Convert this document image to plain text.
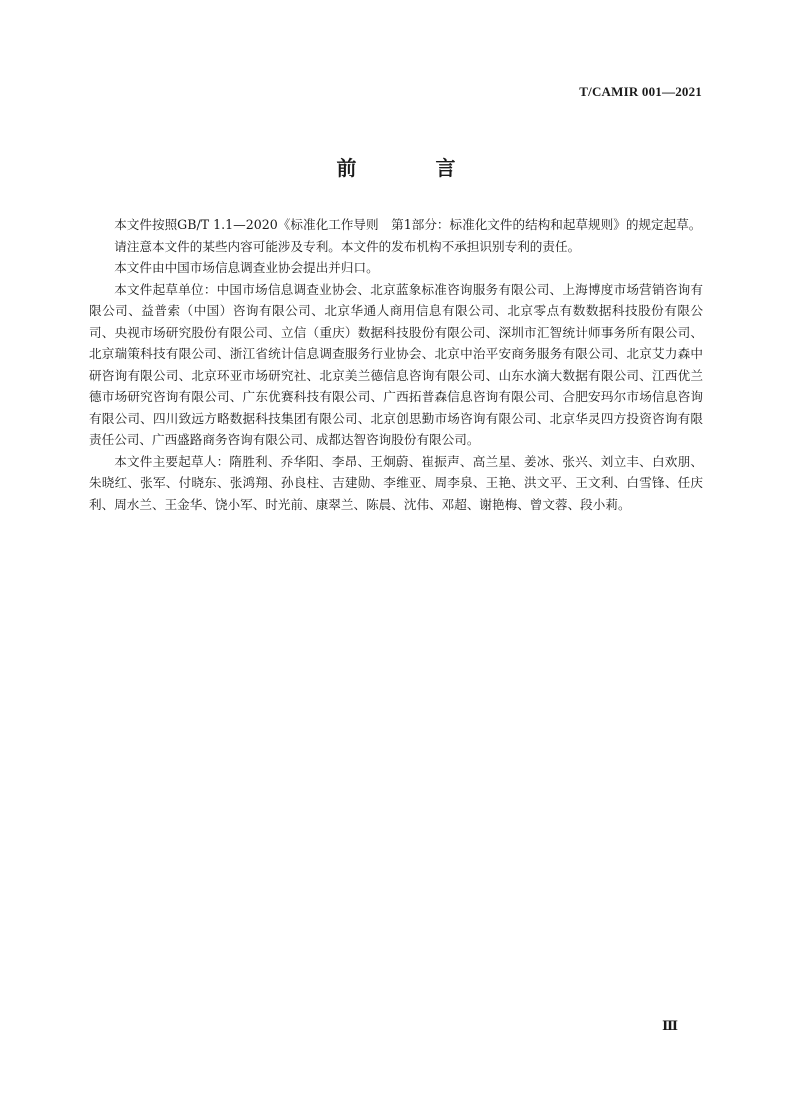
T/CAMIR 001—2021
前 言

本文件按照GB/T 1.1—2020《标准化工作导则　第1部分：标准化文件的结构和起草规则》的规定起草。

请注意本文件的某些内容可能涉及专利。本文件的发布机构不承担识别专利的责任。

本文件由中国市场信息调查业协会提出并归口。

本文件起草单位：中国市场信息调查业协会、北京蓝象标准咨询服务有限公司、上海博度市场营销咨询有限公司、益普索（中国）咨询有限公司、北京华通人商用信息有限公司、北京零点有数数据科技股份有限公司、央视市场研究股份有限公司、立信（重庆）数据科技股份有限公司、深圳市汇智统计师事务所有限公司、北京瑞策科技有限公司、浙江省统计信息调查服务行业协会、北京中治平安商务服务有限公司、北京艾力森中研咨询有限公司、北京环亚市场研究社、北京美兰德信息咨询有限公司、山东水滴大数据有限公司、江西优兰德市场研究咨询有限公司、广东优赛科技有限公司、广西拓普森信息咨询有限公司、合肥安玛尔市场信息咨询有限公司、四川致远方略数据科技集团有限公司、北京创思勤市场咨询有限公司、北京华灵四方投资咨询有限责任公司、广西盛路商务咨询有限公司、成都达智咨询股份有限公司。

本文件主要起草人：隋胜利、乔华阳、李昂、王炯蔚、崔振声、高兰星、姜冰、张兴、刘立丰、白欢朋、朱晓红、张军、付晓东、张鸿翔、孙良柱、吉建勋、李维亚、周李泉、王艳、洪文平、王文利、白雪锋、任庆利、周水兰、王金华、饶小军、时光前、康翠兰、陈晨、沈伟、邓超、谢艳梅、曾文蓉、段小莉。

Ⅲ
